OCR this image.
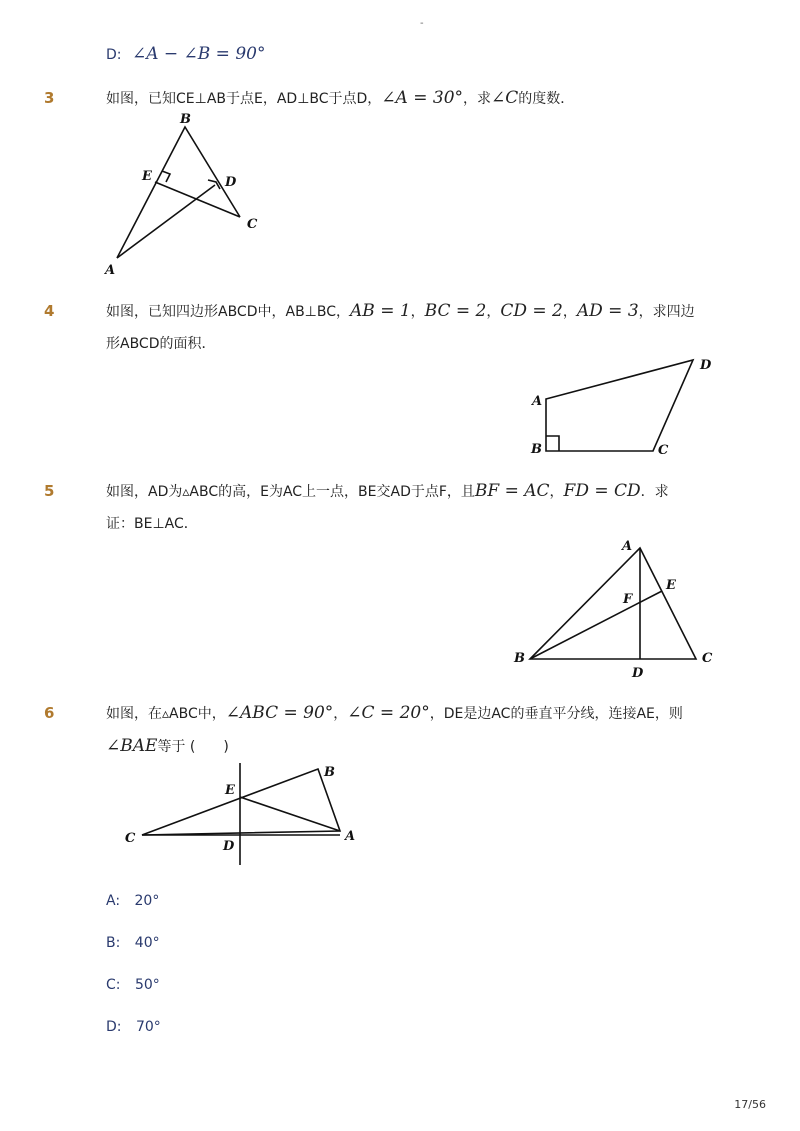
-
D: ∠A − ∠B = 90°
3	如图，已知CE⊥AB于点E，AD⊥BC于点D，∠A = 30°，求∠C的度数．
B
E	D
C
A
4	如图，已知四边形ABCD中，AB⊥BC，AB = 1，BC = 2，CD = 2，AD = 3，求四边
形ABCD的面积．
A
B	C
D
5	如图，AD为▵ABC的高，E为AC上一点，BE交AD于点F，且BF = AC，FD = CD．求
证：BE⊥AC．
A
E
F
B
D
C
6	如图，在▵ABC中，∠ABC = 90°，∠C = 20°，DE是边AC的垂直平分线，连接AE，则
∠BAE等于 (　　)
E
B
C
D
A
A: 20°
B: 40°
C: 50°
D: 70°
17/56
